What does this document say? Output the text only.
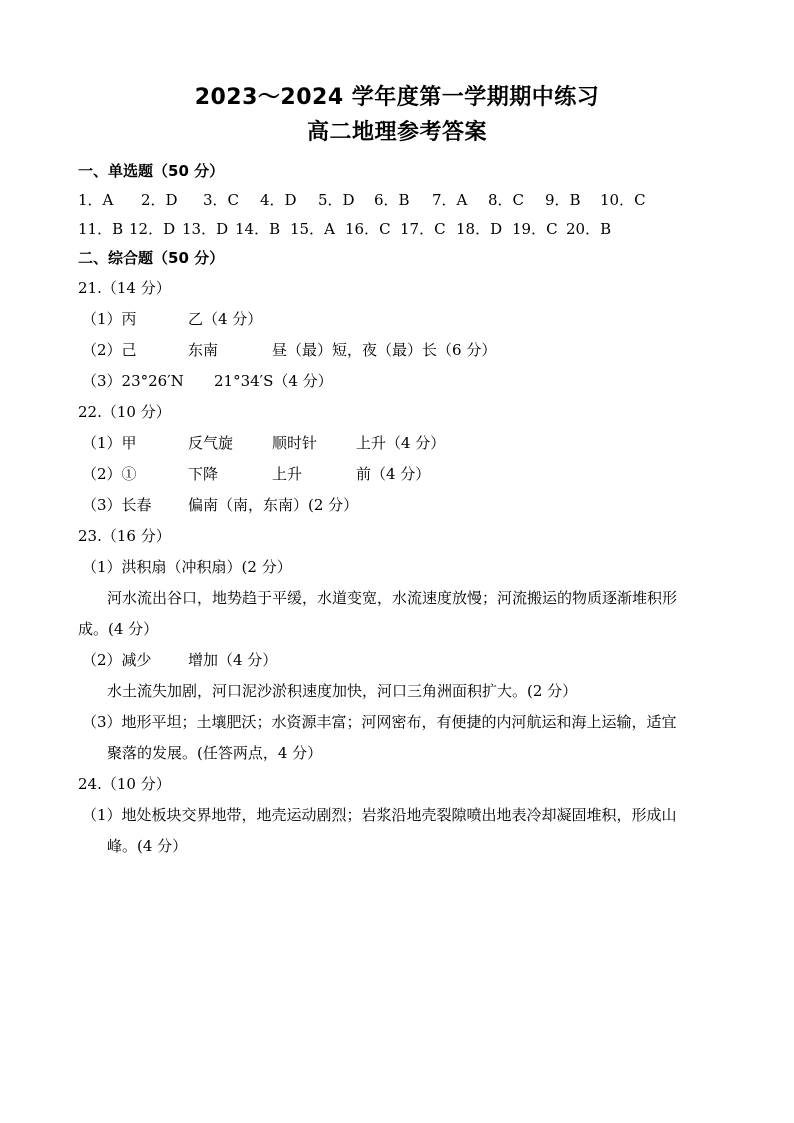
2023～2024 学年度第一学期期中练习
高二地理参考答案
一、单选题（50 分）
1．A 2．D 3．C 4．D 5．D 6．B 7．A 8．C 9．B 10．C
11．B 12．D 13．D 14．B 15．A 16．C 17．C 18．D 19．C 20．B
二、综合题（50 分）
21.（14 分）
（1）丙	乙（4 分）
（2）己	东南	昼（最）短，夜（最）长（6 分）
（3）23°26′N 21°34′S（4 分）
22.（10 分）
（1）甲	反气旋	顺时针	上升（4 分）
（2）①	下降	上升	前（4 分）
（3）长春 偏南（南，东南）(2 分）
23.（16 分）
（1）洪积扇（冲积扇）(2 分）
河水流出谷口，地势趋于平缓，水道变宽，水流速度放慢；河流搬运的物质逐渐堆积形
成。(4 分）
（2）减少 增加（4 分）
水土流失加剧，河口泥沙淤积速度加快，河口三角洲面积扩大。(2 分）
（3）地形平坦；土壤肥沃；水资源丰富；河网密布，有便捷的内河航运和海上运输，适宜
聚落的发展。(任答两点，4 分）
24.（10 分）
（1）地处板块交界地带，地壳运动剧烈；岩浆沿地壳裂隙喷出地表冷却凝固堆积，形成山
峰。(4 分）
